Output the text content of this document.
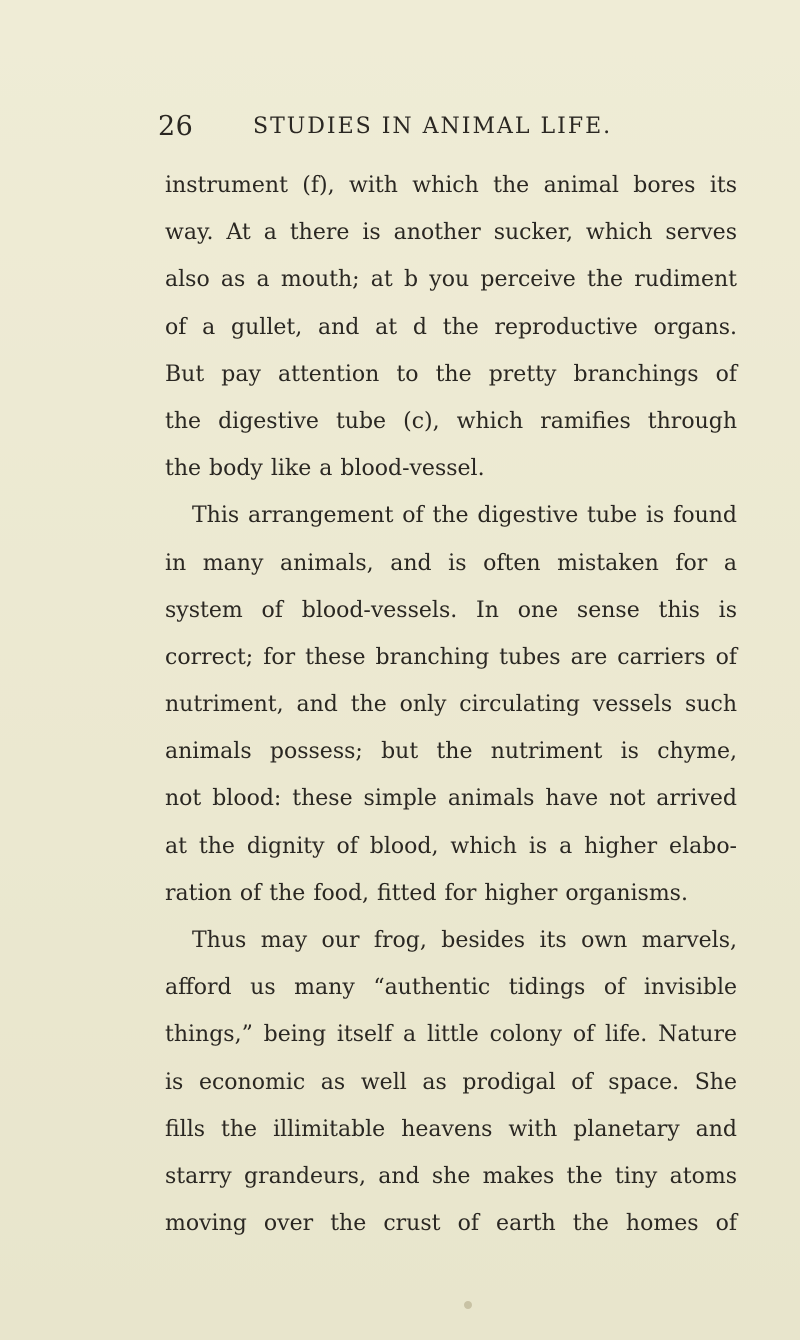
26	STUDIES IN ANIMAL LIFE.
instrument (f), with which the animal bores its
way. At a there is another sucker, which serves
also as a mouth; at b you perceive the rudiment
of a gullet, and at d the reproductive organs.
But pay attention to the pretty branchings of
the digestive tube (c), which ramifies through
the body like a blood-vessel.
This arrangement of the digestive tube is found
in many animals, and is often mistaken for a
system of blood-vessels. In one sense this is
correct; for these branching tubes are carriers of
nutriment, and the only circulating vessels such
animals possess; but the nutriment is chyme,
not blood: these simple animals have not arrived
at the dignity of blood, which is a higher elabo-
ration of the food, fitted for higher organisms.
Thus may our frog, besides its own marvels,
afford us many “authentic tidings of invisible
things,” being itself a little colony of life. Nature
is economic as well as prodigal of space. She
fills the illimitable heavens with planetary and
starry grandeurs, and she makes the tiny atoms
moving over the crust of earth the homes of
